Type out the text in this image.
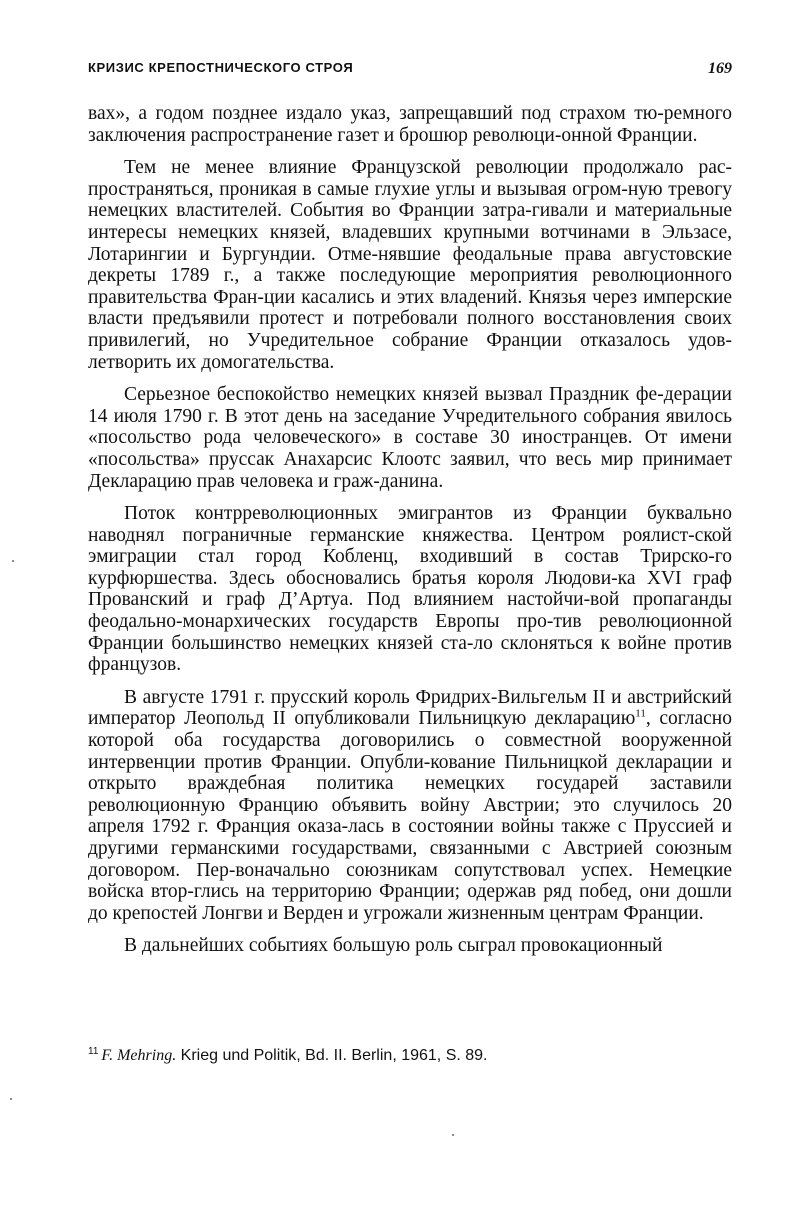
КРИЗИС КРЕПОСТНИЧЕСКОГО СТРОЯ	169

вах», а годом позднее издало указ, запрещавший под страхом тю-ремного заключения распространение газет и брошюр революци-онной Франции.

Тем не менее влияние Французской революции продолжало рас-пространяться, проникая в самые глухие углы и вызывая огром-ную тревогу немецких властителей. События во Франции затра-гивали и материальные интересы немецких князей, владевших крупными вотчинами в Эльзасе, Лотарингии и Бургундии. Отме-нявшие феодальные права августовские декреты 1789 г., а также последующие мероприятия революционного правительства Фран-ции касались и этих владений. Князья через имперские власти предъявили протест и потребовали полного восстановления своих привилегий, но Учредительное собрание Франции отказалось удов-летворить их домогательства.

Серьезное беспокойство немецких князей вызвал Праздник фе-дерации 14 июля 1790 г. В этот день на заседание Учредительного собрания явилось «посольство рода человеческого» в составе 30 иностранцев. От имени «посольства» пруссак Анахарсис Клоотс заявил, что весь мир принимает Декларацию прав человека и граж-данина.

Поток контрреволюционных эмигрантов из Франции буквально наводнял пограничные германские княжества. Центром роялист-ской эмиграции стал город Кобленц, входивший в состав Трирско-го курфюршества. Здесь обосновались братья короля Людови-ка XVI граф Прованский и граф Д’Артуа. Под влиянием настойчи-вой пропаганды феодально-монархических государств Европы про-тив революционной Франции большинство немецких князей ста-ло склоняться к войне против французов.

В августе 1791 г. прусский король Фридрих-Вильгельм II и австрийский император Леопольд II опубликовали Пильницкую декларацию$^{11}$, согласно которой оба государства договорились о совместной вооруженной интервенции против Франции. Опубли-кование Пильницкой декларации и открыто враждебная политика немецких государей заставили революционную Францию объявить войну Австрии; это случилось 20 апреля 1792 г. Франция оказа-лась в состоянии войны также с Пруссией и другими германскими государствами, связанными с Австрией союзным договором. Пер-воначально союзникам сопутствовал успех. Немецкие войска втор-глись на территорию Франции; одержав ряд побед, они дошли до крепостей Лонгви и Верден и угрожали жизненным центрам Франции.

В дальнейших событиях большую роль сыграл провокационный

$^{11}$ F. Mehring. Krieg und Politik, Bd. II. Berlin, 1961, S. 89.
